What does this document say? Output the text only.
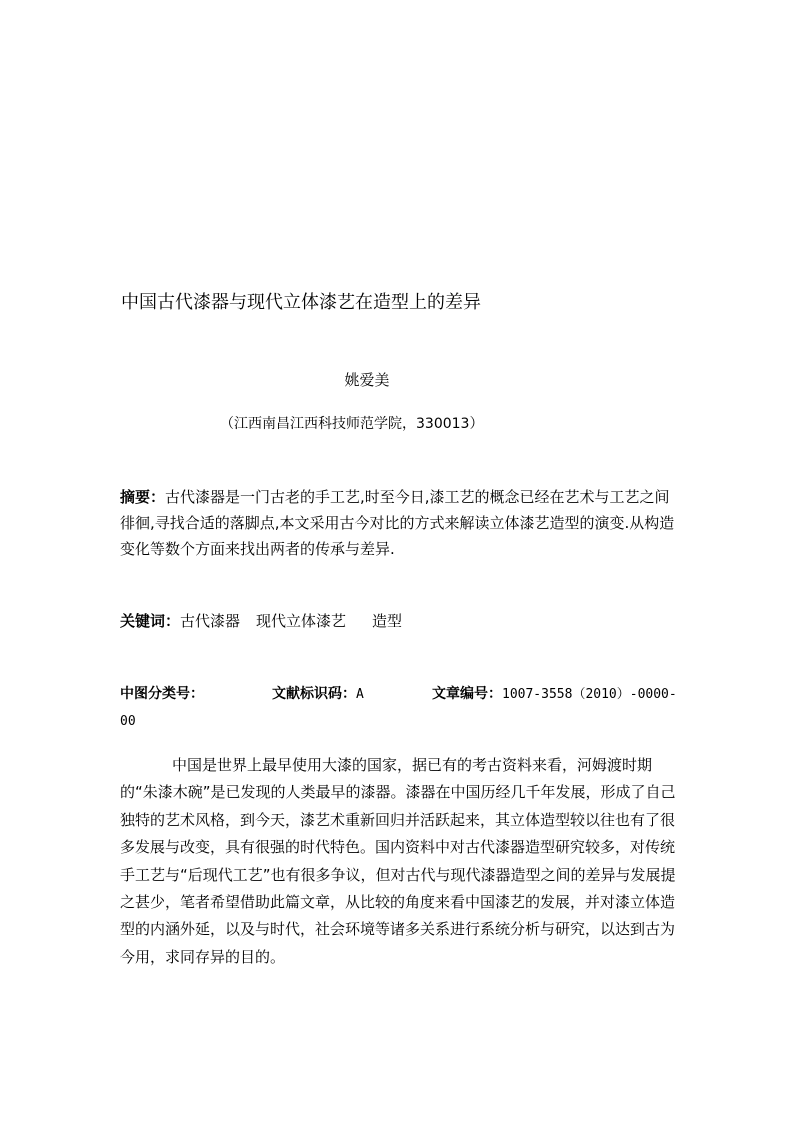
中国古代漆器与现代立体漆艺在造型上的差异
姚爱美
（江西南昌江西科技师范学院，330013）
摘要：古代漆器是一门古老的手工艺,时至今日,漆工艺的概念已经在艺术与工艺之间徘徊,寻找合适的落脚点,本文采用古今对比的方式来解读立体漆艺造型的演变.从构造变化等数个方面来找出两者的传承与差异.
关键词：古代漆器 现代立体漆艺 造型
中图分类号：	文献标识码：A	文章编号：1007-3558（2010）-0000-00
中国是世界上最早使用大漆的国家，据已有的考古资料来看，河姆渡时期的“朱漆木碗”是已发现的人类最早的漆器。漆器在中国历经几千年发展，形成了自己独特的艺术风格，到今天，漆艺术重新回归并活跃起来，其立体造型较以往也有了很多发展与改变，具有很强的时代特色。国内资料中对古代漆器造型研究较多，对传统手工艺与“后现代工艺”也有很多争议，但对古代与现代漆器造型之间的差异与发展提之甚少，笔者希望借助此篇文章，从比较的角度来看中国漆艺的发展，并对漆立体造型的内涵外延，以及与时代，社会环境等诸多关系进行系统分析与研究，以达到古为今用，求同存异的目的。
